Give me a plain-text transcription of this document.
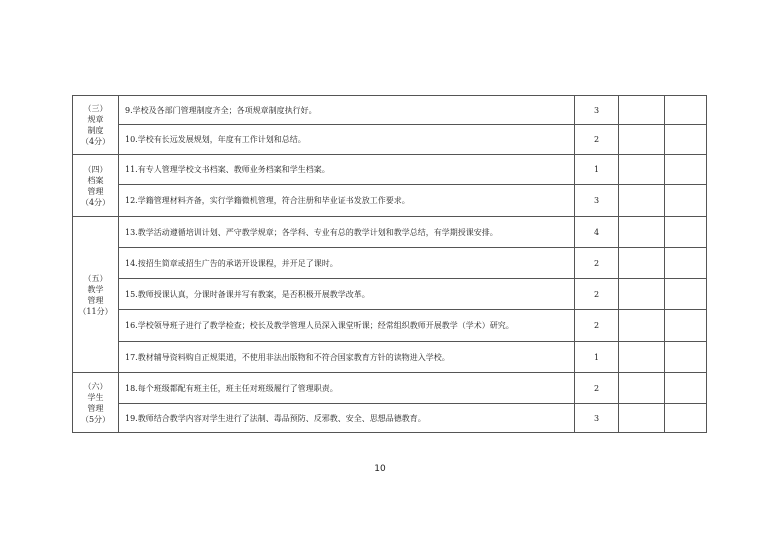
（三）
规章
制度
（4分）	9.学校及各部门管理制度齐全；各项规章制度执行好。	3		
	10.学校有长远发展规划，年度有工作计划和总结。	2		

（四）
档案
管理
（4分）	11.有专人管理学校文书档案、教师业务档案和学生档案。	1		
	12.学籍管理材料齐备，实行学籍微机管理，符合注册和毕业证书发放工作要求。	3		

（五）
教学
管理
（11分）	13.教学活动遵循培训计划、严守教学规章；各学科、专业有总的教学计划和教学总结，有学期授课安排。	4		
	14.按招生简章或招生广告的承诺开设课程，并开足了课时。	2		
	15.教师授课认真，分课时备课并写有教案，是否积极开展教学改革。	2		
	16.学校领导班子进行了教学检查；校长及教学管理人员深入课堂听课；经常组织教师开展教学（学术）研究。	2		
	17.教材辅导资料购自正规渠道，不使用非法出版物和不符合国家教育方针的读物进入学校。	1		

（六）
学生
管理
（5分）	18.每个班级都配有班主任，班主任对班级履行了管理职责。	2		
	19.教师结合教学内容对学生进行了法制、毒品预防、反邪教、安全、思想品德教育。	3		
10
